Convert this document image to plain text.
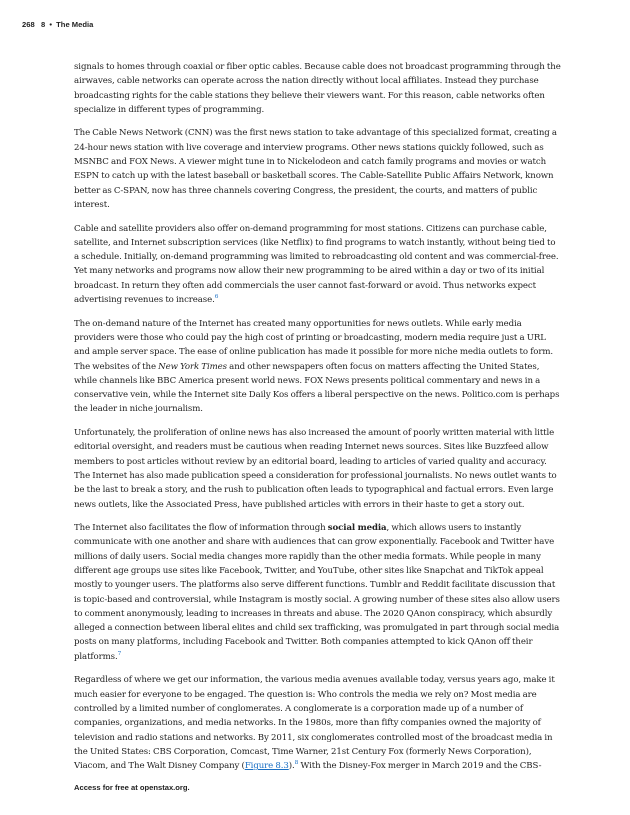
268 8 • The Media

signals to homes through coaxial or fiber optic cables. Because cable does not broadcast programming through the airwaves, cable networks can operate across the nation directly without local affiliates. Instead they purchase broadcasting rights for the cable stations they believe their viewers want. For this reason, cable networks often specialize in different types of programming.

The Cable News Network (CNN) was the first news station to take advantage of this specialized format, creating a 24-hour news station with live coverage and interview programs. Other news stations quickly followed, such as MSNBC and FOX News. A viewer might tune in to Nickelodeon and catch family programs and movies or watch ESPN to catch up with the latest baseball or basketball scores. The Cable-Satellite Public Affairs Network, known better as C-SPAN, now has three channels covering Congress, the president, the courts, and matters of public interest.

Cable and satellite providers also offer on-demand programming for most stations. Citizens can purchase cable, satellite, and Internet subscription services (like Netflix) to find programs to watch instantly, without being tied to a schedule. Initially, on-demand programming was limited to rebroadcasting old content and was commercial-free. Yet many networks and programs now allow their new programming to be aired within a day or two of its initial broadcast. In return they often add commercials the user cannot fast-forward or avoid. Thus networks expect advertising revenues to increase.$^6$

The on-demand nature of the Internet has created many opportunities for news outlets. While early media providers were those who could pay the high cost of printing or broadcasting, modern media require just a URL and ample server space. The ease of online publication has made it possible for more niche media outlets to form. The websites of the New York Times and other newspapers often focus on matters affecting the United States, while channels like BBC America present world news. FOX News presents political commentary and news in a conservative vein, while the Internet site Daily Kos offers a liberal perspective on the news. Politico.com is perhaps the leader in niche journalism.

Unfortunately, the proliferation of online news has also increased the amount of poorly written material with little editorial oversight, and readers must be cautious when reading Internet news sources. Sites like Buzzfeed allow members to post articles without review by an editorial board, leading to articles of varied quality and accuracy. The Internet has also made publication speed a consideration for professional journalists. No news outlet wants to be the last to break a story, and the rush to publication often leads to typographical and factual errors. Even large news outlets, like the Associated Press, have published articles with errors in their haste to get a story out.

The Internet also facilitates the flow of information through social media, which allows users to instantly communicate with one another and share with audiences that can grow exponentially. Facebook and Twitter have millions of daily users. Social media changes more rapidly than the other media formats. While people in many different age groups use sites like Facebook, Twitter, and YouTube, other sites like Snapchat and TikTok appeal mostly to younger users. The platforms also serve different functions. Tumblr and Reddit facilitate discussion that is topic-based and controversial, while Instagram is mostly social. A growing number of these sites also allow users to comment anonymously, leading to increases in threats and abuse. The 2020 QAnon conspiracy, which absurdly alleged a connection between liberal elites and child sex trafficking, was promulgated in part through social media posts on many platforms, including Facebook and Twitter. Both companies attempted to kick QAnon off their platforms.$^7$

Regardless of where we get our information, the various media avenues available today, versus years ago, make it much easier for everyone to be engaged. The question is: Who controls the media we rely on? Most media are controlled by a limited number of conglomerates. A conglomerate is a corporation made up of a number of companies, organizations, and media networks. In the 1980s, more than fifty companies owned the majority of television and radio stations and networks. By 2011, six conglomerates controlled most of the broadcast media in the United States: CBS Corporation, Comcast, Time Warner, 21st Century Fox (formerly News Corporation), Viacom, and The Walt Disney Company (Figure 8.3).$^8$ With the Disney-Fox merger in March 2019 and the CBS-

Access for free at openstax.org.
